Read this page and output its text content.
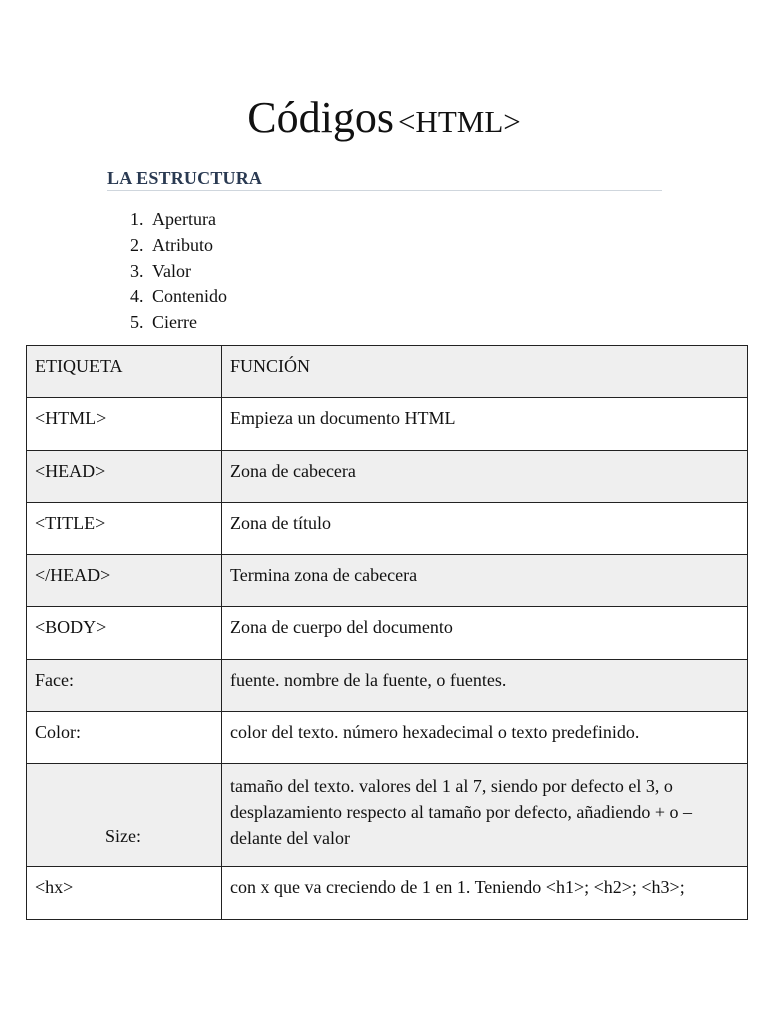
Códigos <HTML>
LA ESTRUCTURA
1. Apertura
2. Atributo
3. Valor
4. Contenido
5. Cierre
ETIQUETA	FUNCIÓN

<HTML>	Empieza un documento HTML

<HEAD>	Zona de cabecera

<TITLE>	Zona de título

</HEAD>	Termina zona de cabecera

<BODY>	Zona de cuerpo del documento

Face:	fuente. nombre de la fuente, o fuentes.

Color:	color del texto. número hexadecimal o texto predefinido.

Size:	tamaño del texto. valores del 1 al 7, siendo por defecto el 3, o desplazamiento respecto al tamaño por defecto, añadiendo + o – delante del valor

<hx>	con x que va creciendo de 1 en 1. Teniendo <h1>; <h2>; <h3>;
